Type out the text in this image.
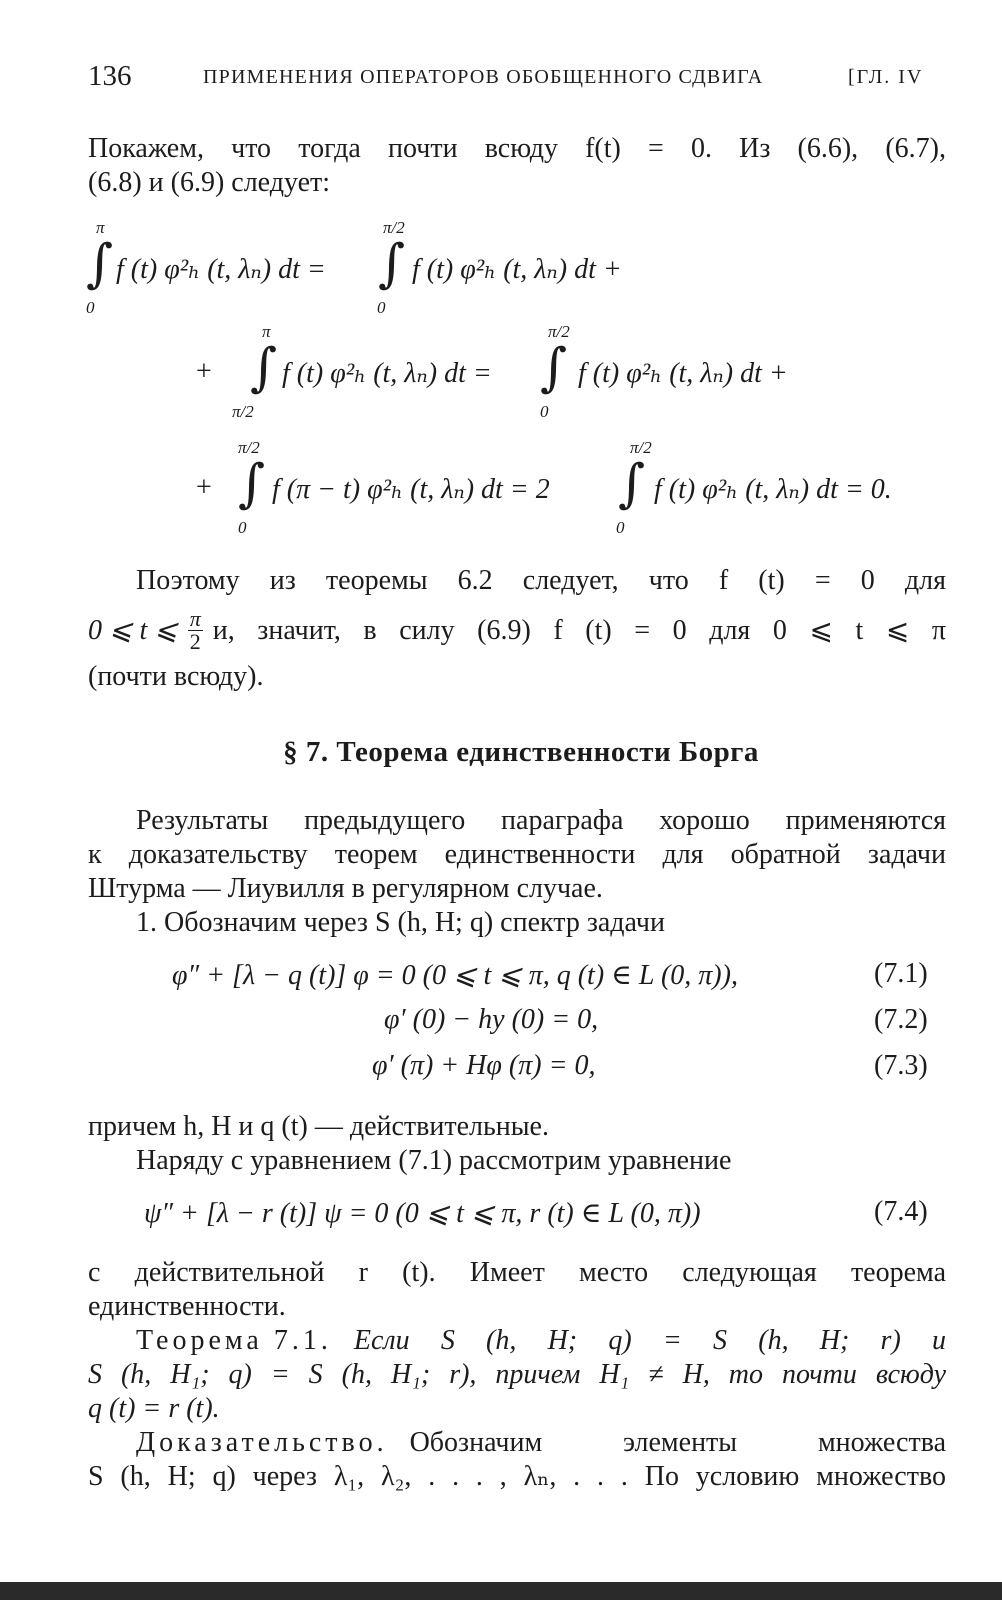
136	ПРИМЕНЕНИЯ ОПЕРАТОРОВ ОБОБЩЕННОГО СДВИГА	[ГЛ. IV
Покажем, что тогда почти всюду f(t) = 0. Из (6.6), (6.7),
(6.8) и (6.9) следует:
π
∫
0
f (t) φ²ₕ (t, λₙ) dt =
π/2
∫
0
f (t) φ²ₕ (t, λₙ) dt +
+
π
∫
π/2
f (t) φ²ₕ (t, λₙ) dt =
π/2
∫
0
f (t) φ²ₕ (t, λₙ) dt +
+
π/2
∫
0
f (π − t) φ²ₕ (t, λₙ) dt = 2
π/2
∫
0
f (t) φ²ₕ (t, λₙ) dt = 0.
Поэтому из теоремы 6.2 следует, что f (t) = 0 для
0 ⩽ t ⩽ $\frac{\pi}{2} и$, значит, в силу (6.9) f (t) = 0 для 0 ⩽ t ⩽ π
(почти всюду).
§ 7. Теорема единственности Борга
Результаты предыдущего параграфа хорошо применяются
к доказательству теорем единственности для обратной задачи
Штурма — Лиувилля в регулярном случае.
1. Обозначим через S (h, H; q) спектр задачи
φ″ + [λ − q (t)] φ = 0 (0 ⩽ t ⩽ π, q (t) ∈ L (0, π)),	(7.1)
φ′ (0) − hy (0) = 0,	(7.2)
φ′ (π) + Hφ (π) = 0,	(7.3)
причем h, H и q (t) — действительные.
Наряду с уравнением (7.1) рассмотрим уравнение
ψ″ + [λ − r (t)] ψ = 0 (0 ⩽ t ⩽ π, r (t) ∈ L (0, π))	(7.4)
с действительной r (t). Имеет место следующая теорема
единственности.
Теорема 7.1. Если S (h, H; q) = S (h, H; r) и
S (h, H₁; q) = S (h, H₁; r), причем H₁ ≠ H, то почти всюду
q (t) = r (t).
Доказательство. Обозначим элементы множества
S (h, H; q) через λ₁, λ₂, . . . , λₙ, . . . По условию множество
